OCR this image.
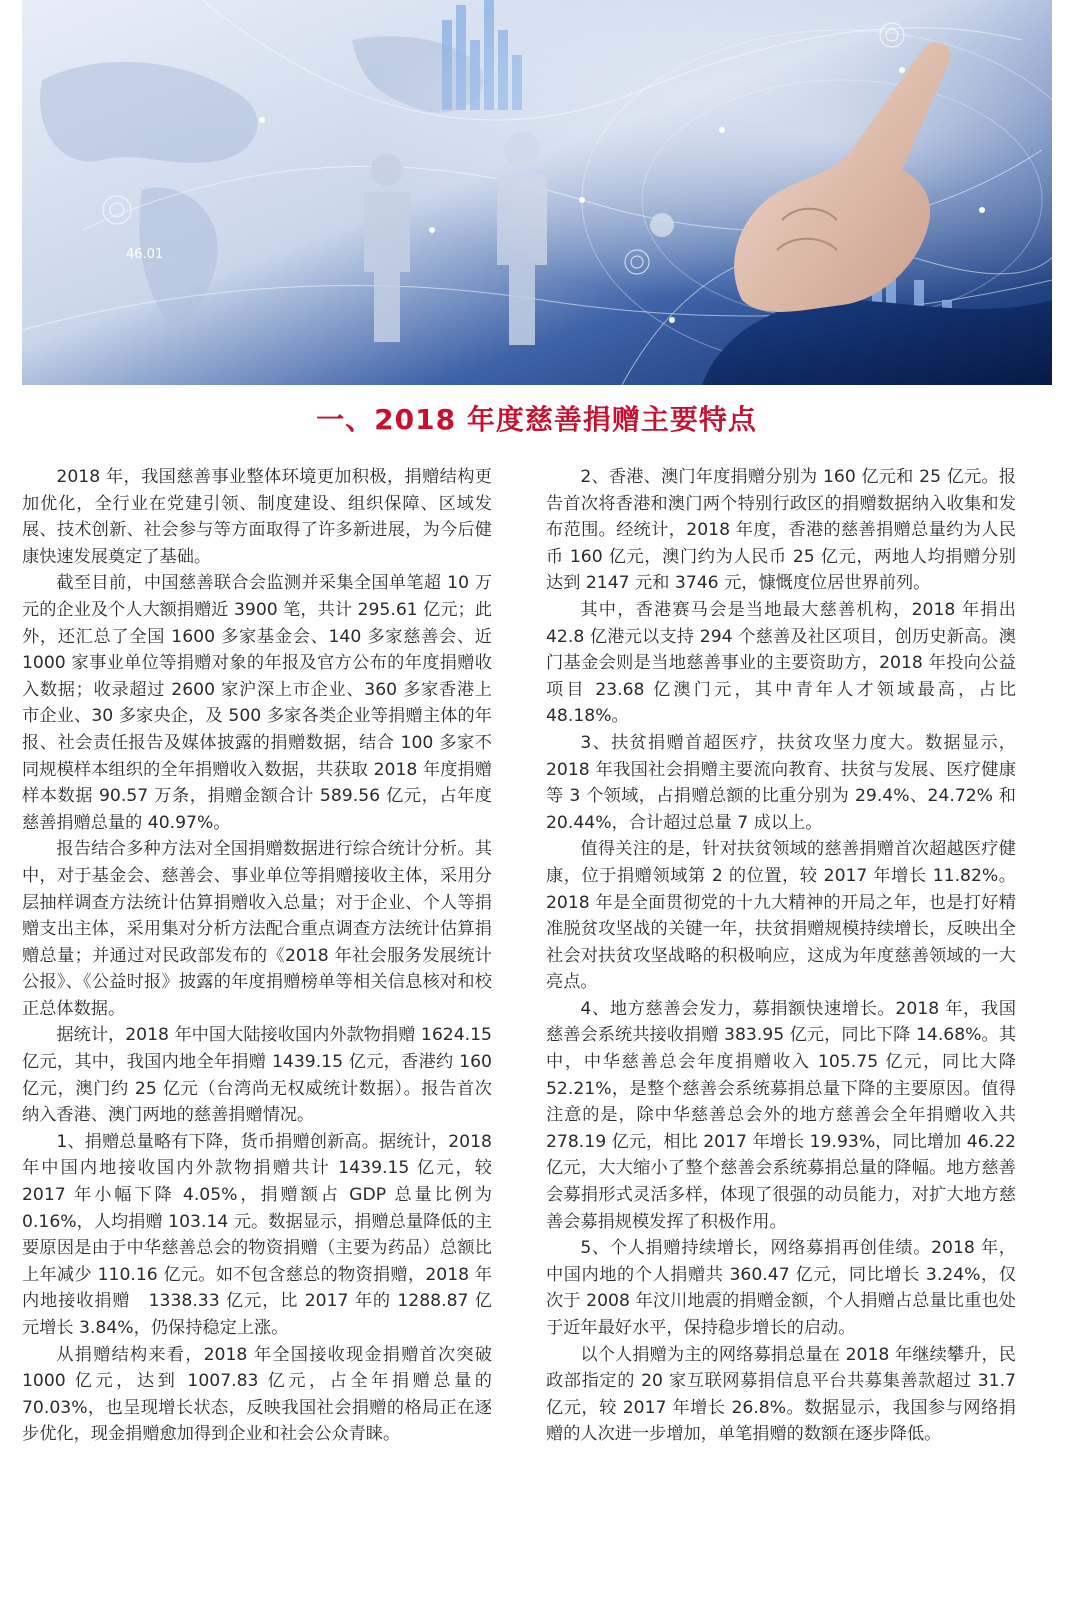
一、2018 年度慈善捐赠主要特点

2018 年，我国慈善事业整体环境更加积极，捐赠结构更加优化，全行业在党建引领、制度建设、组织保障、区域发展、技术创新、社会参与等方面取得了许多新进展，为今后健康快速发展奠定了基础。

截至目前，中国慈善联合会监测并采集全国单笔超 10 万元的企业及个人大额捐赠近 3900 笔，共计 295.61 亿元；此外，还汇总了全国 1600 多家基金会、140 多家慈善会、近 1000 家事业单位等捐赠对象的年报及官方公布的年度捐赠收入数据；收录超过 2600 家沪深上市企业、360 多家香港上市企业、30 多家央企，及 500 多家各类企业等捐赠主体的年报、社会责任报告及媒体披露的捐赠数据，结合 100 多家不同规模样本组织的全年捐赠收入数据，共获取 2018 年度捐赠样本数据 90.57 万条，捐赠金额合计 589.56 亿元，占年度慈善捐赠总量的 40.97%。

报告结合多种方法对全国捐赠数据进行综合统计分析。其中，对于基金会、慈善会、事业单位等捐赠接收主体，采用分层抽样调查方法统计估算捐赠收入总量；对于企业、个人等捐赠支出主体，采用集对分析方法配合重点调查方法统计估算捐赠总量；并通过对民政部发布的《2018 年社会服务发展统计公报》、《公益时报》披露的年度捐赠榜单等相关信息核对和校正总体数据。

据统计，2018 年中国大陆接收国内外款物捐赠 1624.15 亿元，其中，我国内地全年捐赠 1439.15 亿元，香港约 160 亿元，澳门约 25 亿元（台湾尚无权威统计数据）。报告首次纳入香港、澳门两地的慈善捐赠情况。

1、捐赠总量略有下降，货币捐赠创新高。据统计，2018 年中国内地接收国内外款物捐赠共计 1439.15 亿元，较 2017 年小幅下降 4.05%，捐赠额占 GDP 总量比例为 0.16%，人均捐赠 103.14 元。数据显示，捐赠总量降低的主要原因是由于中华慈善总会的物资捐赠（主要为药品）总额比上年减少 110.16 亿元。如不包含慈总的物资捐赠，2018 年内地接收捐赠　1338.33 亿元，比 2017 年的 1288.87 亿元增长 3.84%，仍保持稳定上涨。

从捐赠结构来看，2018 年全国接收现金捐赠首次突破 1000 亿元，达到 1007.83 亿元，占全年捐赠总量的 70.03%，也呈现增长状态，反映我国社会捐赠的格局正在逐步优化，现金捐赠愈加得到企业和社会公众青睐。

2、香港、澳门年度捐赠分别为 160 亿元和 25 亿元。报告首次将香港和澳门两个特别行政区的捐赠数据纳入收集和发布范围。经统计，2018 年度，香港的慈善捐赠总量约为人民币 160 亿元，澳门约为人民币 25 亿元，两地人均捐赠分别达到 2147 元和 3746 元，慷慨度位居世界前列。

其中，香港赛马会是当地最大慈善机构，2018 年捐出 42.8 亿港元以支持 294 个慈善及社区项目，创历史新高。澳门基金会则是当地慈善事业的主要资助方，2018 年投向公益项目 23.68 亿澳门元，其中青年人才领域最高，占比 48.18%。

3、扶贫捐赠首超医疗，扶贫攻坚力度大。数据显示，2018 年我国社会捐赠主要流向教育、扶贫与发展、医疗健康等 3 个领域，占捐赠总额的比重分别为 29.4%、24.72% 和 20.44%，合计超过总量 7 成以上。

值得关注的是，针对扶贫领域的慈善捐赠首次超越医疗健康，位于捐赠领域第 2 的位置，较 2017 年增长 11.82%。2018 年是全面贯彻党的十九大精神的开局之年，也是打好精准脱贫攻坚战的关键一年，扶贫捐赠规模持续增长，反映出全社会对扶贫攻坚战略的积极响应，这成为年度慈善领域的一大亮点。

4、地方慈善会发力，募捐额快速增长。2018 年，我国慈善会系统共接收捐赠 383.95 亿元，同比下降 14.68%。其中，中华慈善总会年度捐赠收入 105.75 亿元，同比大降 52.21%，是整个慈善会系统募捐总量下降的主要原因。值得注意的是，除中华慈善总会外的地方慈善会全年捐赠收入共 278.19 亿元，相比 2017 年增长 19.93%，同比增加 46.22 亿元，大大缩小了整个慈善会系统募捐总量的降幅。地方慈善会募捐形式灵活多样，体现了很强的动员能力，对扩大地方慈善会募捐规模发挥了积极作用。

5、个人捐赠持续增长，网络募捐再创佳绩。2018 年，中国内地的个人捐赠共 360.47 亿元，同比增长 3.24%，仅次于 2008 年汶川地震的捐赠金额，个人捐赠占总量比重也处于近年最好水平，保持稳步增长的启动。

以个人捐赠为主的网络募捐总量在 2018 年继续攀升，民政部指定的 20 家互联网募捐信息平台共募集善款超过 31.7 亿元，较 2017 年增长 26.8%。数据显示，我国参与网络捐赠的人次进一步增加，单笔捐赠的数额在逐步降低。
